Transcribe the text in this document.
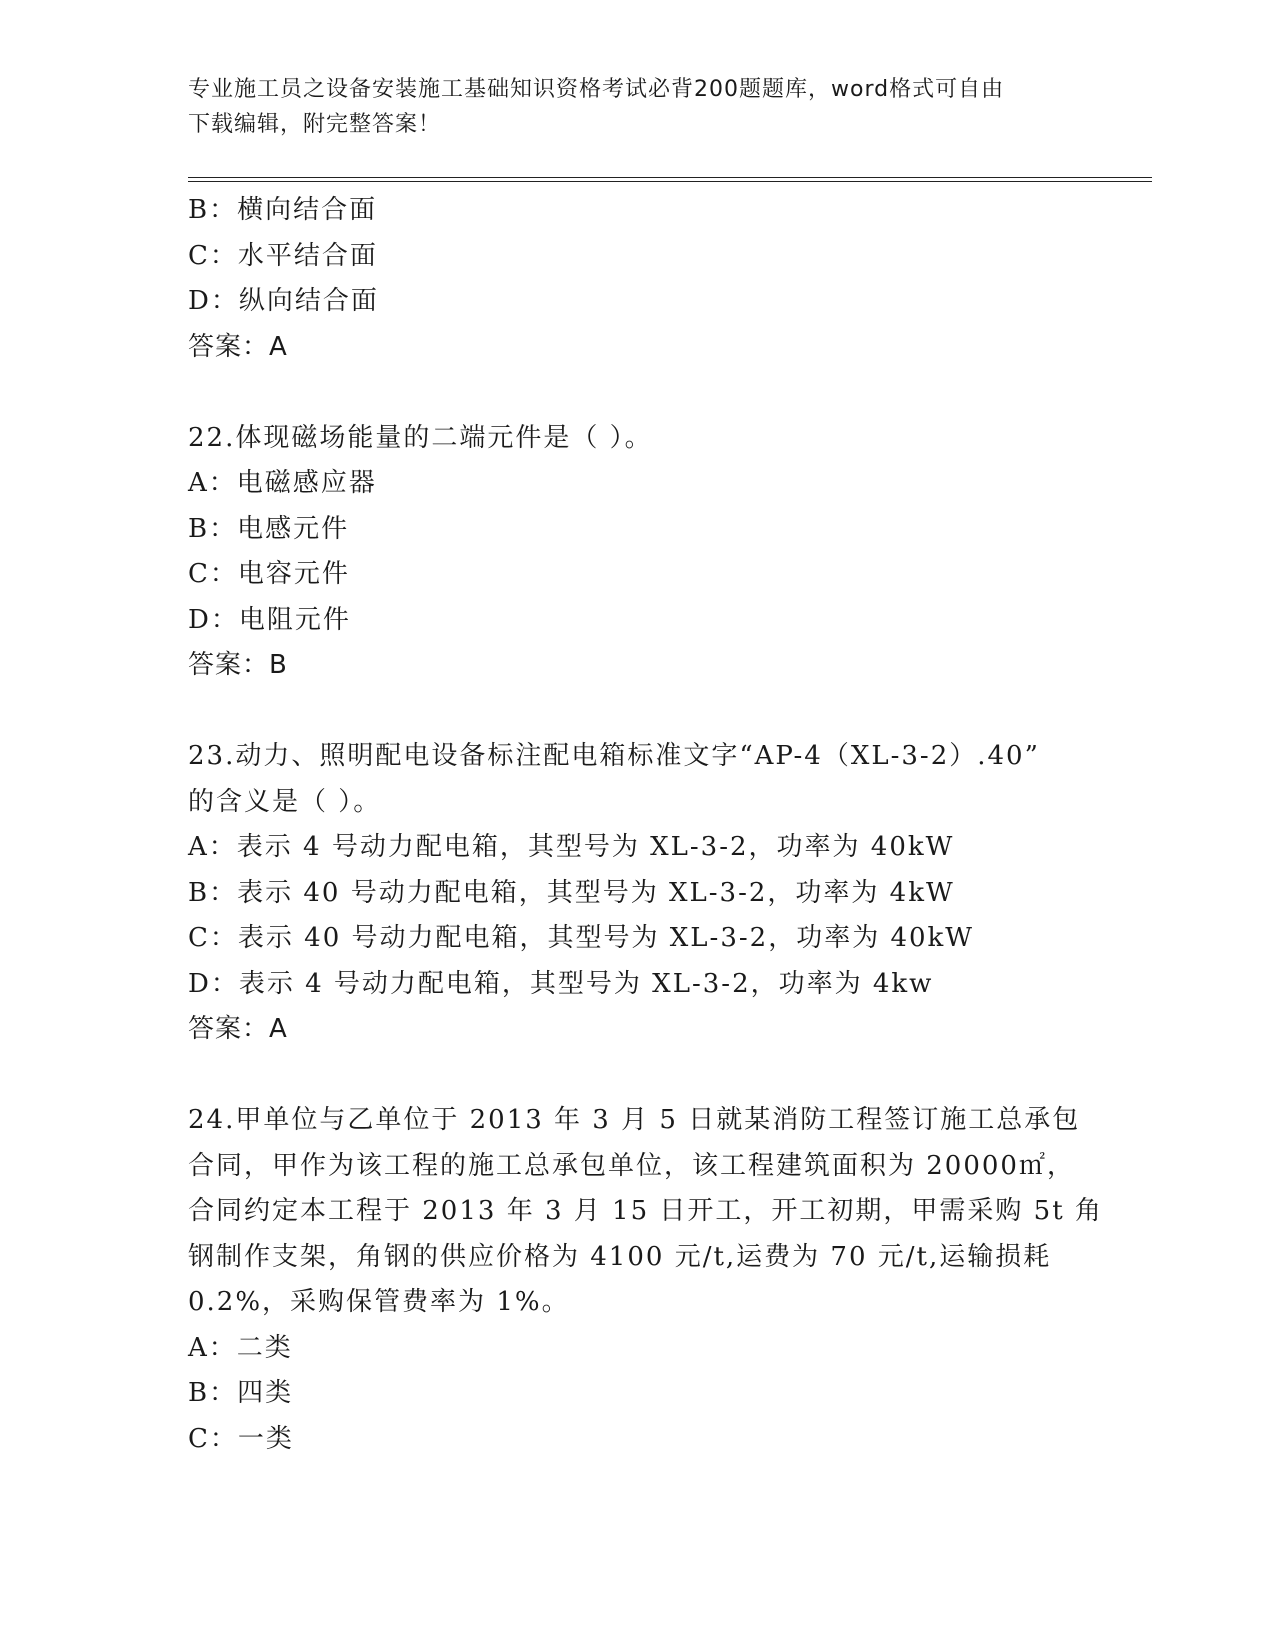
专业施工员之设备安装施工基础知识资格考试必背200题题库，word格式可自由
下载编辑，附完整答案！
B：横向结合面
C：水平结合面
D：纵向结合面
答案：A
22.体现磁场能量的二端元件是（ ）。
A：电磁感应器
B：电感元件
C：电容元件
D：电阻元件
答案：B
23.动力、照明配电设备标注配电箱标准文字“AP-4（XL-3-2）.40”
的含义是（ ）。
A：表示 4 号动力配电箱，其型号为 XL-3-2，功率为 40kW
B：表示 40 号动力配电箱，其型号为 XL-3-2，功率为 4kW
C：表示 40 号动力配电箱，其型号为 XL-3-2，功率为 40kW
D：表示 4 号动力配电箱，其型号为 XL-3-2，功率为 4kw
答案：A
24.甲单位与乙单位于 2013 年 3 月 5 日就某消防工程签订施工总承包
合同，甲作为该工程的施工总承包单位，该工程建筑面积为 20000㎡，
合同约定本工程于 2013 年 3 月 15 日开工，开工初期，甲需采购 5t 角
钢制作支架，角钢的供应价格为 4100 元/t,运费为 70 元/t,运输损耗
0.2%，采购保管费率为 1%。
A：二类
B：四类
C：一类
